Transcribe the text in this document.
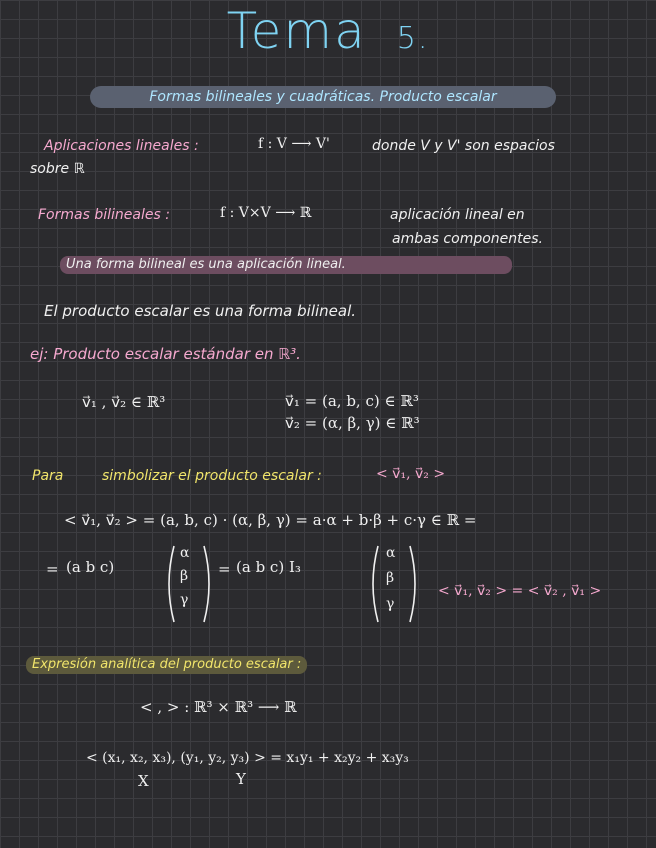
Tema 5.
Formas bilineales y cuadráticas. Producto escalar
Aplicaciones lineales :	f : V ⟶ V'	donde V y V' son espacios
sobre ℝ
Formas bilineales :	f : V×V ⟶ ℝ	aplicación lineal en
ambas componentes.
Una forma bilineal es una aplicación lineal.
El producto escalar es una forma bilineal.
ej: Producto escalar estándar en ℝ³.
v⃗₁ , v⃗₂ ∈ ℝ³	v⃗₁ = (a, b, c) ∈ ℝ³
v⃗₂ = (α, β, γ) ∈ ℝ³
Para	simbolizar el producto escalar :	< v⃗₁, v⃗₂ >
< v⃗₁, v⃗₂ > = (a, b, c) · (α, β, γ) = a·α + b·β + c·γ ∈ ℝ =
= (a b c)
α
β
γ
= (a b c) I₃
α
β
γ
< v⃗₁, v⃗₂ > = < v⃗₂ , v⃗₁ >
Expresión analítica del producto escalar :
< , > : ℝ³ × ℝ³ ⟶ ℝ
< (x₁, x₂, x₃), (y₁, y₂, y₃) > = x₁y₁ + x₂y₂ + x₃y₃
X	Y
